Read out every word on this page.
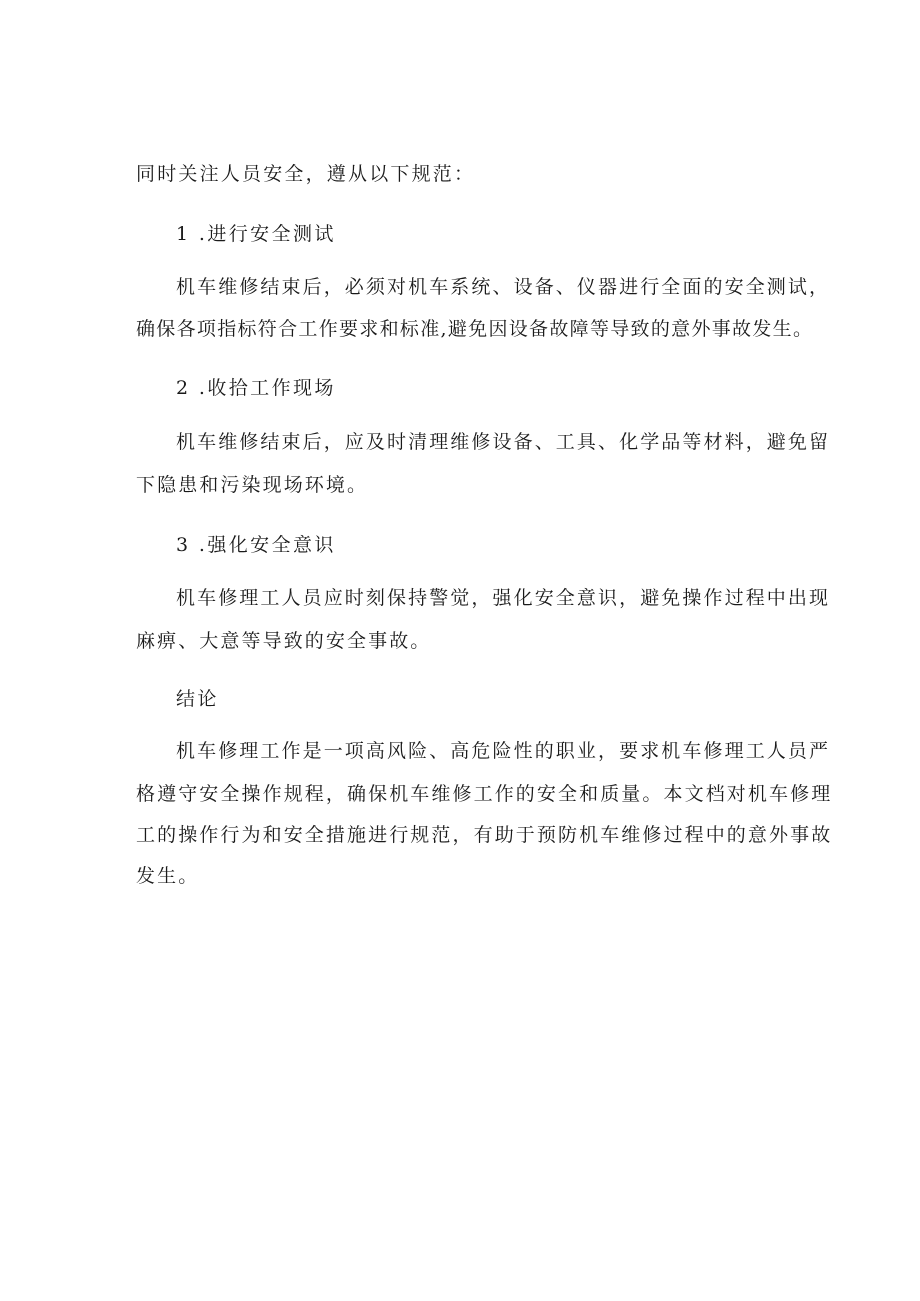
同时关注人员安全，遵从以下规范：
1 .进行安全测试
机车维修结束后，必须对机车系统、设备、仪器进行全面的安全测试，
确保各项指标符合工作要求和标准,避免因设备故障等导致的意外事故发生。
2 .收拾工作现场
机车维修结束后，应及时清理维修设备、工具、化学品等材料，避免留
下隐患和污染现场环境。
3 .强化安全意识
机车修理工人员应时刻保持警觉，强化安全意识，避免操作过程中出现
麻痹、大意等导致的安全事故。
结论
机车修理工作是一项高风险、高危险性的职业，要求机车修理工人员严
格遵守安全操作规程，确保机车维修工作的安全和质量。本文档对机车修理
工的操作行为和安全措施进行规范，有助于预防机车维修过程中的意外事故
发生。
